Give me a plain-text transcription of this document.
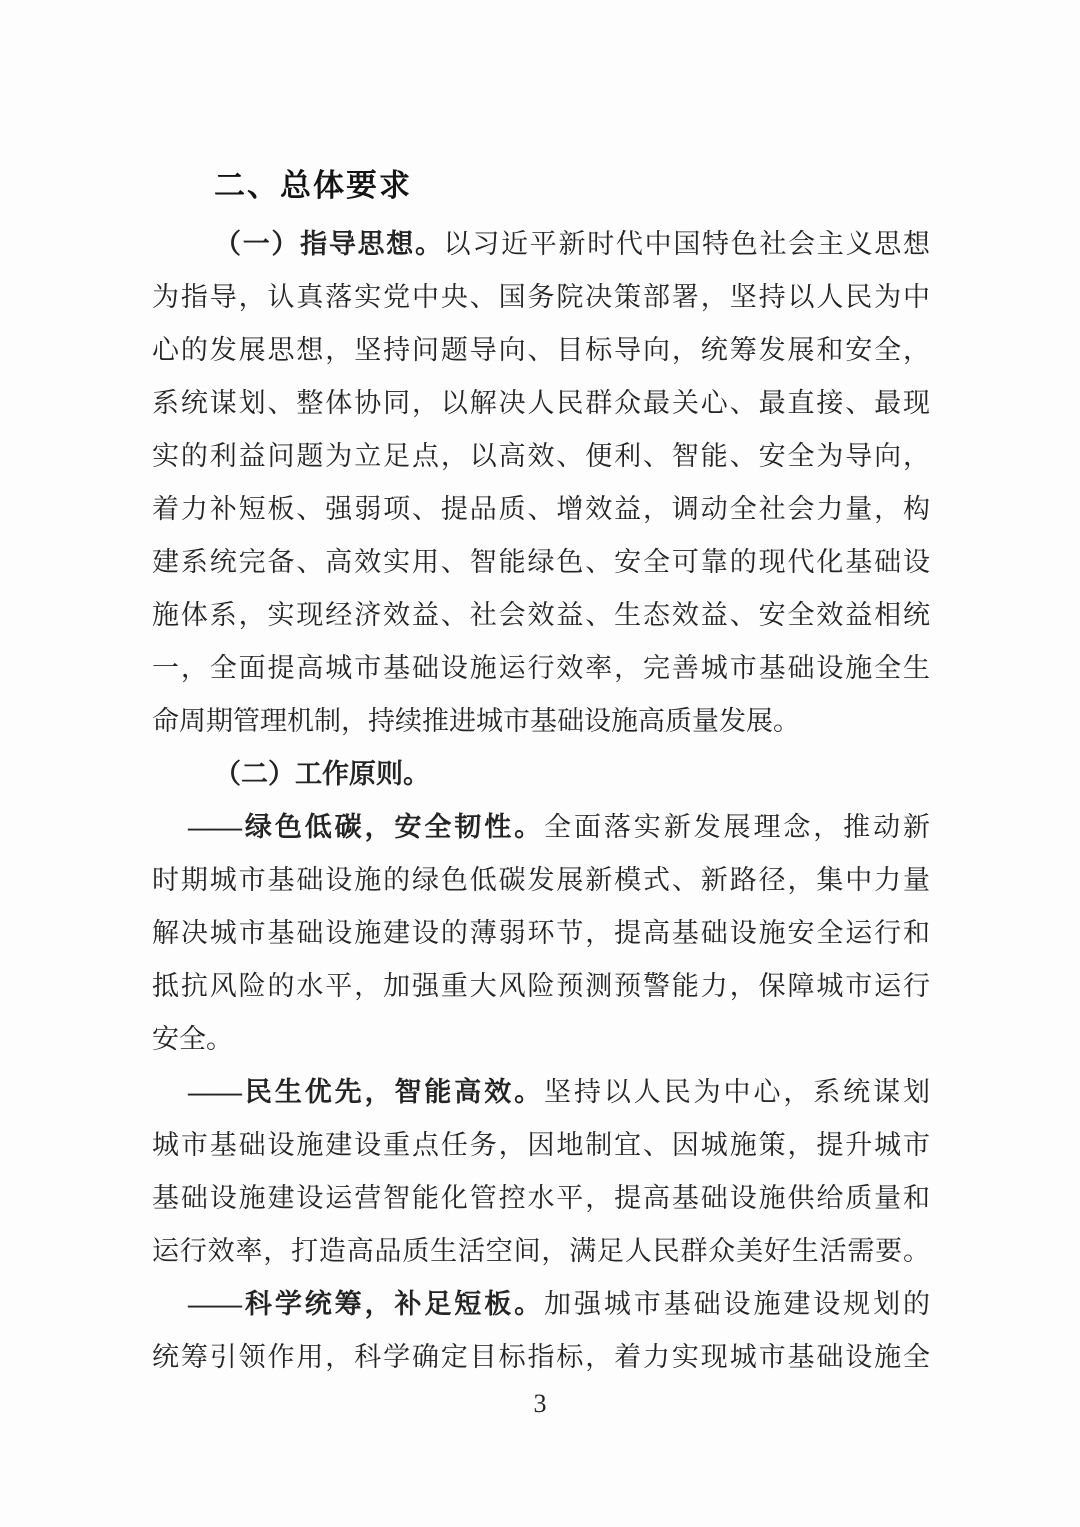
二、总体要求
（一）指导思想。以习近平新时代中国特色社会主义思想
为指导，认真落实党中央、国务院决策部署，坚持以人民为中
心的发展思想，坚持问题导向、目标导向，统筹发展和安全，
系统谋划、整体协同，以解决人民群众最关心、最直接、最现
实的利益问题为立足点，以高效、便利、智能、安全为导向，
着力补短板、强弱项、提品质、增效益，调动全社会力量，构
建系统完备、高效实用、智能绿色、安全可靠的现代化基础设
施体系，实现经济效益、社会效益、生态效益、安全效益相统
一，全面提高城市基础设施运行效率，完善城市基础设施全生
命周期管理机制，持续推进城市基础设施高质量发展。
（二）工作原则。
——绿色低碳，安全韧性。全面落实新发展理念，推动新
时期城市基础设施的绿色低碳发展新模式、新路径，集中力量
解决城市基础设施建设的薄弱环节，提高基础设施安全运行和
抵抗风险的水平，加强重大风险预测预警能力，保障城市运行
安全。
——民生优先，智能高效。坚持以人民为中心，系统谋划
城市基础设施建设重点任务，因地制宜、因城施策，提升城市
基础设施建设运营智能化管控水平，提高基础设施供给质量和
运行效率，打造高品质生活空间，满足人民群众美好生活需要。
——科学统筹，补足短板。加强城市基础设施建设规划的
统筹引领作用，科学确定目标指标，着力实现城市基础设施全
3
